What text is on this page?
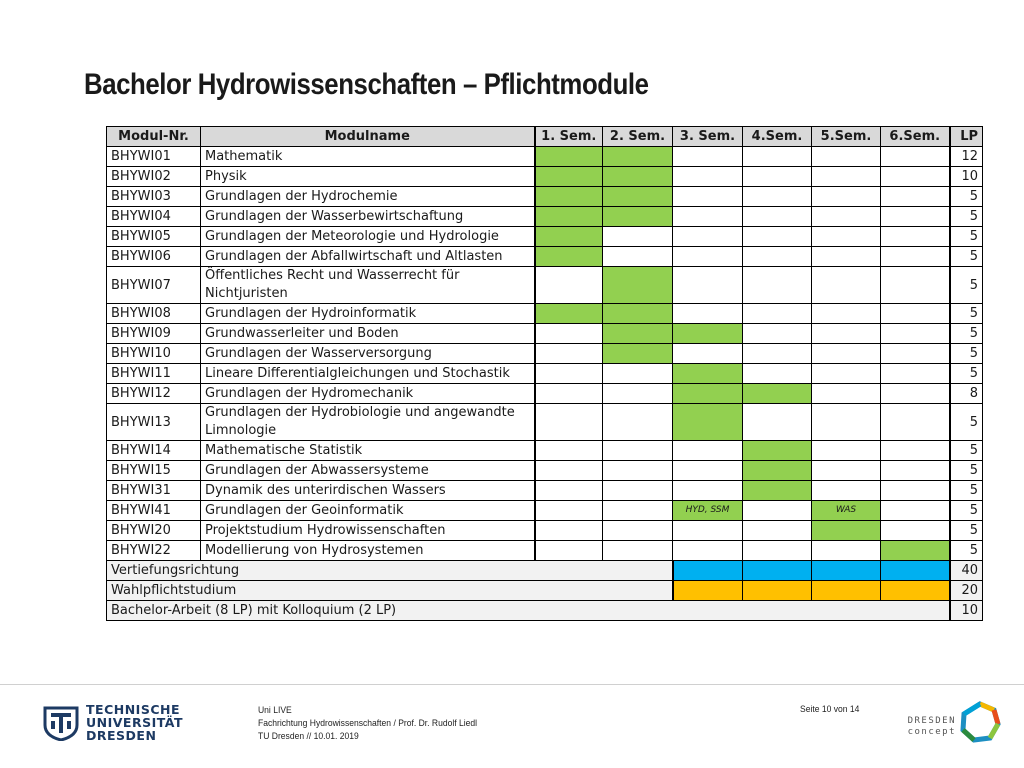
Bachelor Hydrowissenschaften – Pflichtmodule
Modul-Nr.	Modulname	1. Sem.	2. Sem.	3. Sem.	4.Sem.	5.Sem.	6.Sem.	LP
BHYWI01	Mathematik							12
BHYWI02	Physik							10
BHYWI03	Grundlagen der Hydrochemie							5
BHYWI04	Grundlagen der Wasserbewirtschaftung							5
BHYWI05	Grundlagen der Meteorologie und Hydrologie							5
BHYWI06	Grundlagen der Abfallwirtschaft und Altlasten							5
BHYWI07	Öffentliches Recht und Wasserrecht für Nichtjuristen							5
BHYWI08	Grundlagen der Hydroinformatik							5
BHYWI09	Grundwasserleiter und Boden							5
BHYWI10	Grundlagen der Wasserversorgung							5
BHYWI11	Lineare Differentialgleichungen und Stochastik							5
BHYWI12	Grundlagen der Hydromechanik							8
BHYWI13	Grundlagen der Hydrobiologie und angewandte Limnologie							5
BHYWI14	Mathematische Statistik							5
BHYWI15	Grundlagen der Abwassersysteme							5
BHYWI31	Dynamik des unterirdischen Wassers							5
BHYWI41	Grundlagen der Geoinformatik			HYD, SSM		WAS		5
BHYWI20	Projektstudium Hydrowissenschaften							5
BHYWI22	Modellierung von Hydrosystemen							5
Vertiefungsrichtung								40
Wahlpflichtstudium								20
Bachelor-Arbeit (8 LP) mit Kolloquium (2 LP)								10
TECHNISCHE
UNIVERSITÄT
DRESDEN
Uni LIVE
Fachrichtung Hydrowissenschaften / Prof. Dr. Rudolf Liedl
TU Dresden // 10.01. 2019
Seite 10 von 14
DRESDEN
concept
